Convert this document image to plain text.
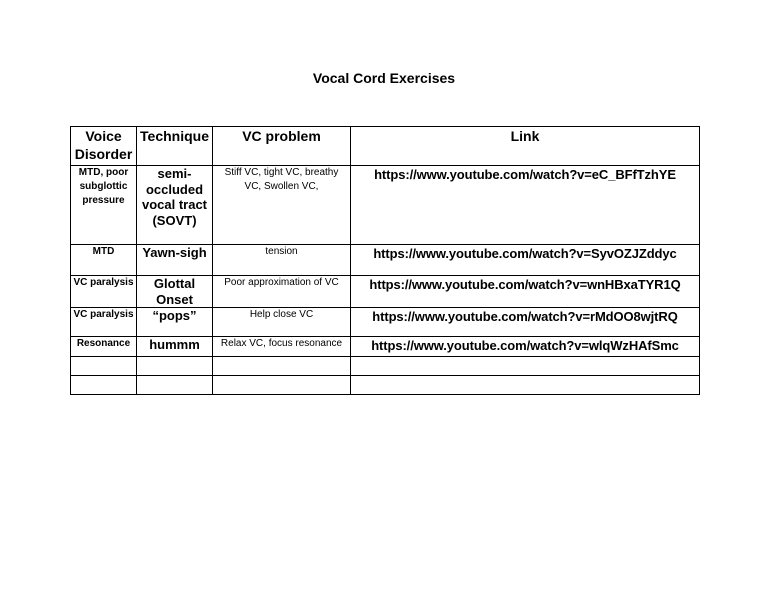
Vocal Cord Exercises
Voice Disorder	Technique	VC problem	Link
MTD, poor subglottic pressure	semi-occluded vocal tract (SOVT)	Stiff VC, tight VC, breathy VC, Swollen VC,	https://www.youtube.com/watch?v=eC_BFfTzhYE
MTD	Yawn-sigh	tension	https://www.youtube.com/watch?v=SyvOZJZddyc
VC paralysis	Glottal Onset	Poor approximation of VC	https://www.youtube.com/watch?v=wnHBxaTYR1Q
VC paralysis	“pops”	Help close VC	https://www.youtube.com/watch?v=rMdOO8wjtRQ
Resonance	hummm	Relax VC, focus resonance	https://www.youtube.com/watch?v=wlqWzHAfSmc
